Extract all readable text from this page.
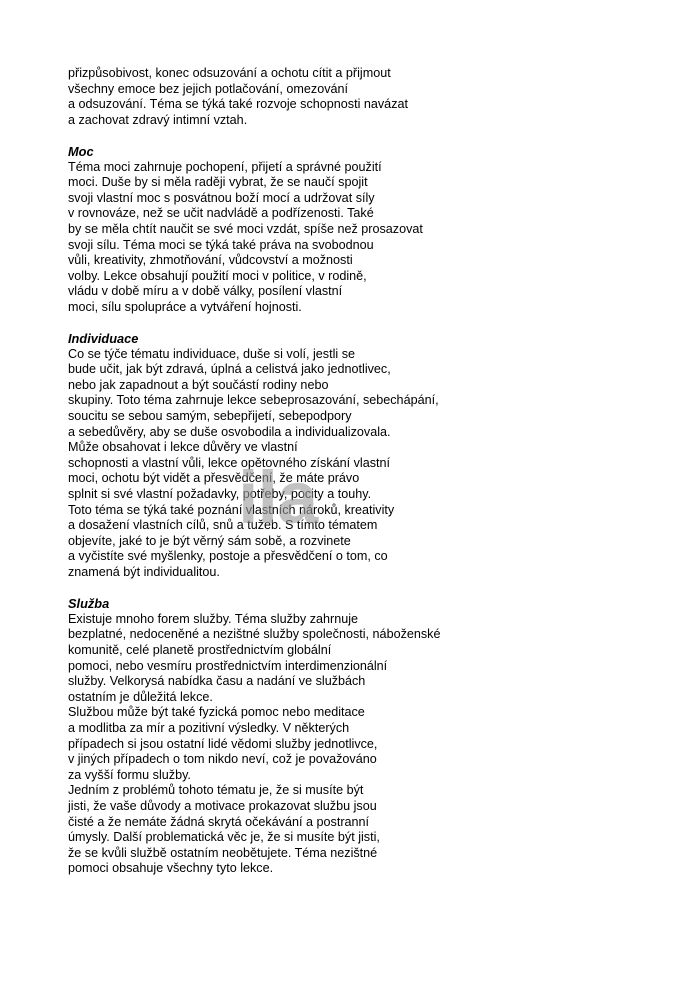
přizpůsobivost, konec odsuzování a ochotu cítit a přijmout

všechny emoce bez jejich potlačování, omezování

a odsuzování. Téma se týká také rozvoje schopnosti navázat

a zachovat zdravý intimní vztah.

Moc

Téma moci zahrnuje pochopení, přijetí a správné použití

moci. Duše by si měla raději vybrat, že se naučí spojit

svoji vlastní moc s posvátnou boží mocí a udržovat síly

v rovnováze, než se učit nadvládě a podřízenosti. Také

by se měla chtít naučit se své moci vzdát, spíše než prosazovat

svoji sílu. Téma moci se týká také práva na svobodnou

vůli, kreativity, zhmotňování, vůdcovství a možnosti

volby. Lekce obsahují použití moci v politice, v rodině,

vládu v době míru a v době války, posílení vlastní

moci, sílu spolupráce a vytváření hojnosti.

Individuace

Co se týče tématu individuace, duše si volí, jestli se

bude učit, jak být zdravá, úplná a celistvá jako jednotlivec,

nebo jak zapadnout a být součástí rodiny nebo

skupiny. Toto téma zahrnuje lekce sebeprosazování, sebechápání,

soucitu se sebou samým, sebepřijetí, sebepodpory

a sebedůvěry, aby se duše osvobodila a individualizovala.

Může obsahovat i lekce důvěry ve vlastní

schopnosti a vlastní vůli, lekce opětovného získání vlastní

moci, ochotu být vidět a přesvědčení, že máte právo

splnit si své vlastní požadavky, potřeby, pocity a touhy.

Toto téma se týká také poznání vlastních nároků, kreativity

a dosažení vlastních cílů, snů a tužeb. S tímto tématem

objevíte, jaké to je být věrný sám sobě, a rozvinete

a vyčistíte své myšlenky, postoje a přesvědčení o tom, co

znamená být individualitou.

Služba

Existuje mnoho forem služby. Téma služby zahrnuje

bezplatné, nedoceněné a nezištné služby společnosti, náboženské

komunitě, celé planetě prostřednictvím globální

pomoci, nebo vesmíru prostřednictvím interdimenzionální

služby. Velkorysá nabídka času a nadání ve službách

ostatním je důležitá lekce.

Službou může být také fyzická pomoc nebo meditace

a modlitba za mír a pozitivní výsledky. V některých

případech si jsou ostatní lidé vědomi služby jednotlivce,

v jiných případech o tom nikdo neví, což je považováno

za vyšší formu služby.

Jedním z problémů tohoto tématu je, že si musíte být

jisti, že vaše důvody a motivace prokazovat službu jsou

čisté a že nemáte žádná skrytá očekávání a postranní

úmysly. Další problematická věc je, že si musíte být jisti,

že se kvůli službě ostatním neobětujete. Téma nezištné

pomoci obsahuje všechny tyto lekce.

ila
